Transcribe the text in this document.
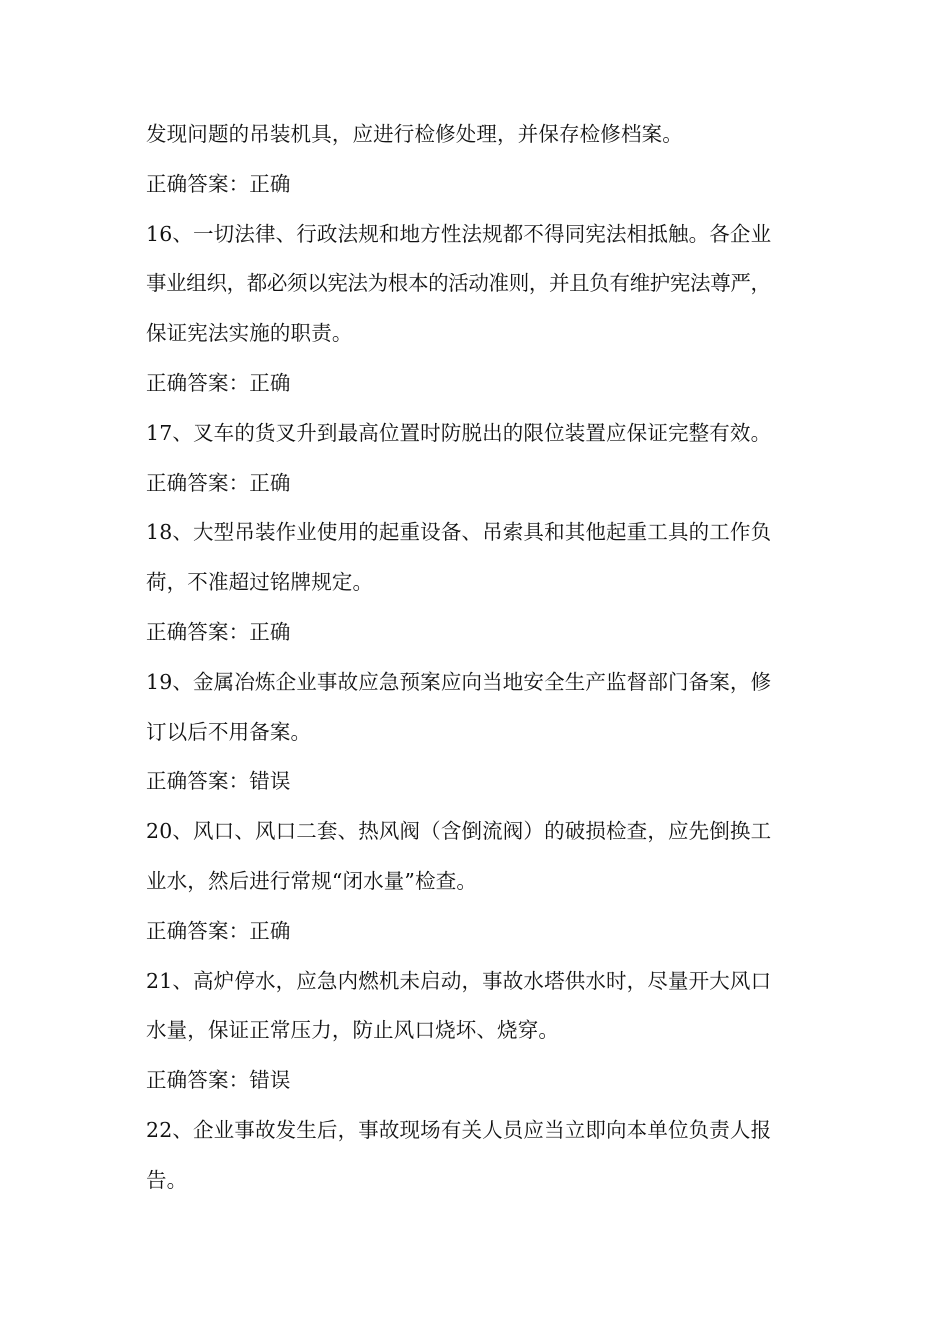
发现问题的吊装机具，应进行检修处理，并保存检修档案。
正确答案：正确
16、一切法律、行政法规和地方性法规都不得同宪法相抵触。各企业
事业组织，都必须以宪法为根本的活动准则，并且负有维护宪法尊严，
保证宪法实施的职责。
正确答案：正确
17、叉车的货叉升到最高位置时防脱出的限位装置应保证完整有效。
正确答案：正确
18、大型吊装作业使用的起重设备、吊索具和其他起重工具的工作负
荷，不准超过铭牌规定。
正确答案：正确
19、金属冶炼企业事故应急预案应向当地安全生产监督部门备案，修
订以后不用备案。
正确答案：错误
20、风口、风口二套、热风阀（含倒流阀）的破损检查，应先倒换工
业水，然后进行常规“闭水量”检查。
正确答案：正确
21、高炉停水，应急内燃机未启动，事故水塔供水时，尽量开大风口
水量，保证正常压力，防止风口烧坏、烧穿。
正确答案：错误
22、企业事故发生后，事故现场有关人员应当立即向本单位负责人报
告。
